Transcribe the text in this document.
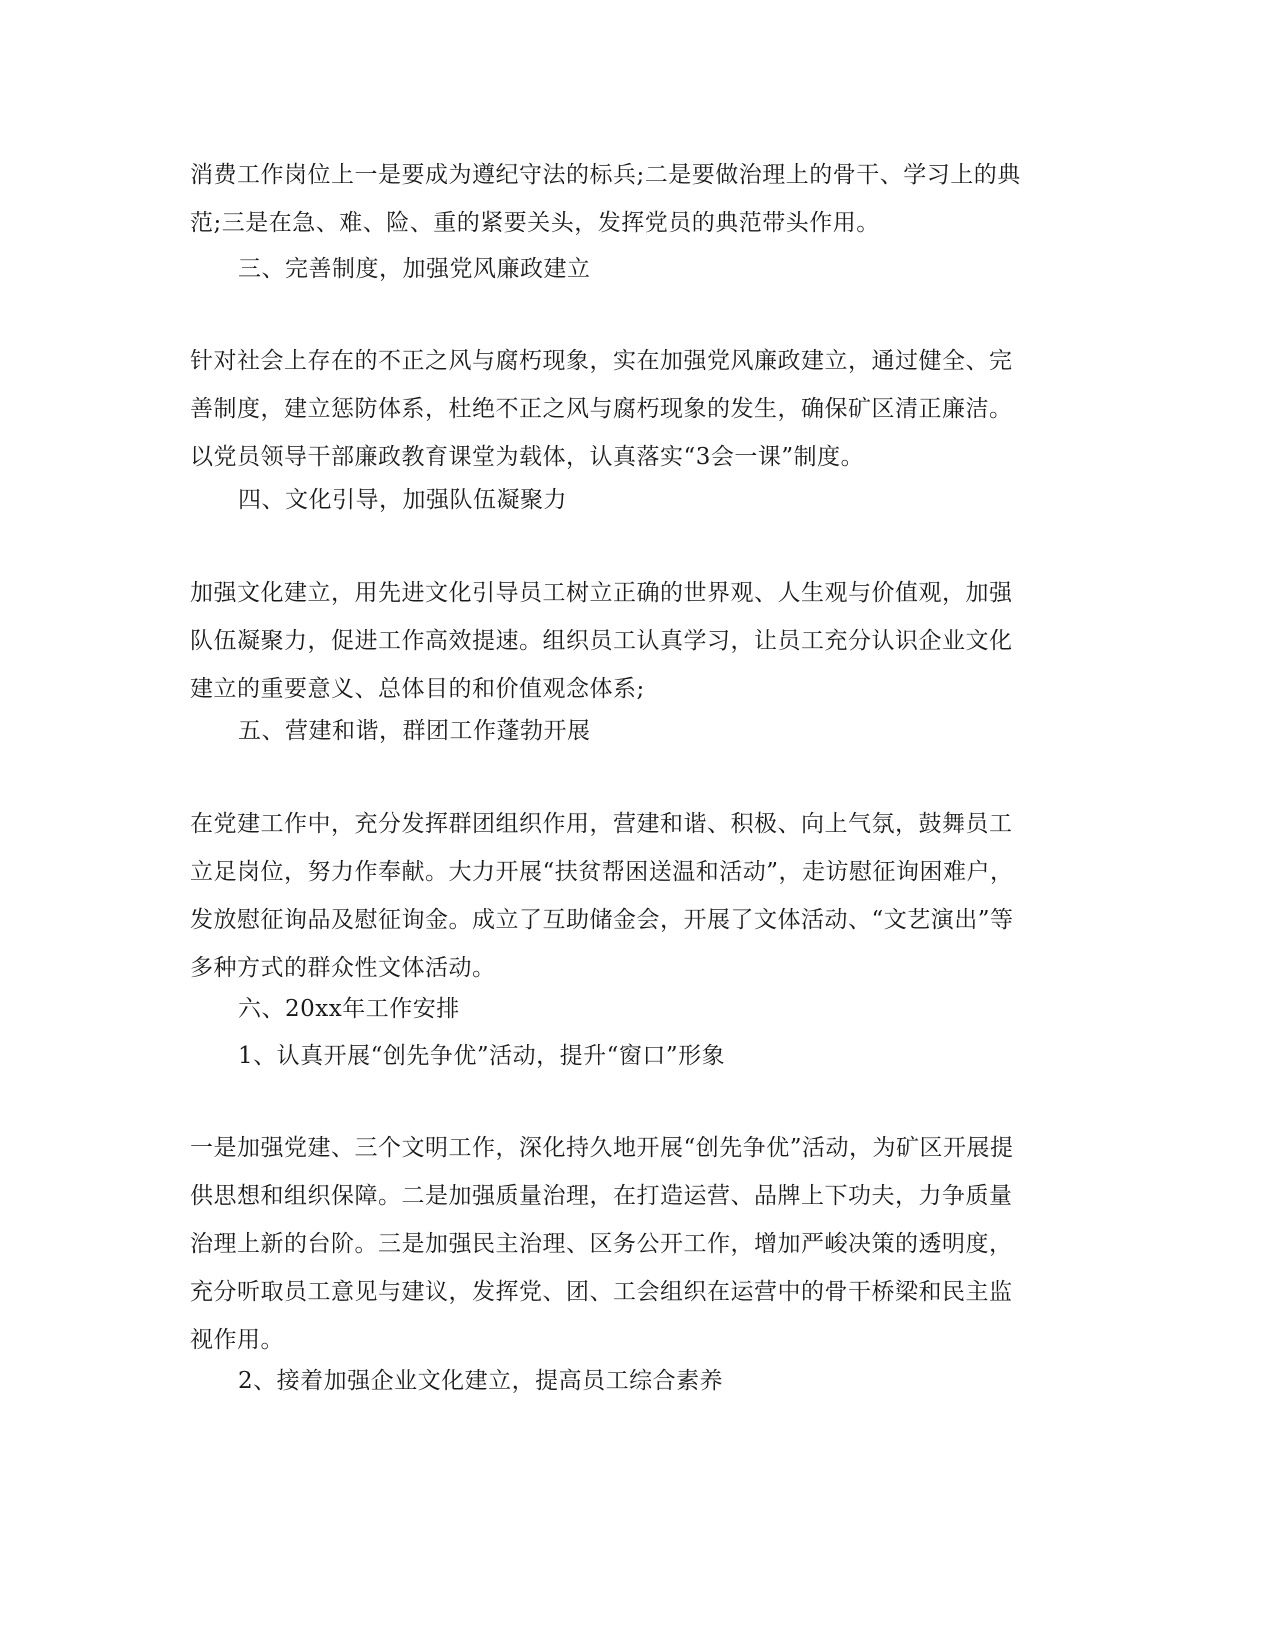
消费工作岗位上一是要成为遵纪守法的标兵;二是要做治理上的骨干、学习上的典
范;三是在急、难、险、重的紧要关头，发挥党员的典范带头作用。
三、完善制度，加强党风廉政建立
针对社会上存在的不正之风与腐朽现象，实在加强党风廉政建立，通过健全、完
善制度，建立惩防体系，杜绝不正之风与腐朽现象的发生，确保矿区清正廉洁。
以党员领导干部廉政教育课堂为载体，认真落实“3会一课”制度。
四、文化引导，加强队伍凝聚力
加强文化建立，用先进文化引导员工树立正确的世界观、人生观与价值观，加强
队伍凝聚力，促进工作高效提速。组织员工认真学习，让员工充分认识企业文化
建立的重要意义、总体目的和价值观念体系;
五、营建和谐，群团工作蓬勃开展
在党建工作中，充分发挥群团组织作用，营建和谐、积极、向上气氛，鼓舞员工
立足岗位，努力作奉献。大力开展“扶贫帮困送温和活动”，走访慰征询困难户，
发放慰征询品及慰征询金。成立了互助储金会，开展了文体活动、“文艺演出”等
多种方式的群众性文体活动。
六、20xx年工作安排
1、认真开展“创先争优”活动，提升“窗口”形象
一是加强党建、三个文明工作，深化持久地开展“创先争优”活动，为矿区开展提
供思想和组织保障。二是加强质量治理，在打造运营、品牌上下功夫，力争质量
治理上新的台阶。三是加强民主治理、区务公开工作，增加严峻决策的透明度，
充分听取员工意见与建议，发挥党、团、工会组织在运营中的骨干桥梁和民主监
视作用。
2、接着加强企业文化建立，提高员工综合素养
